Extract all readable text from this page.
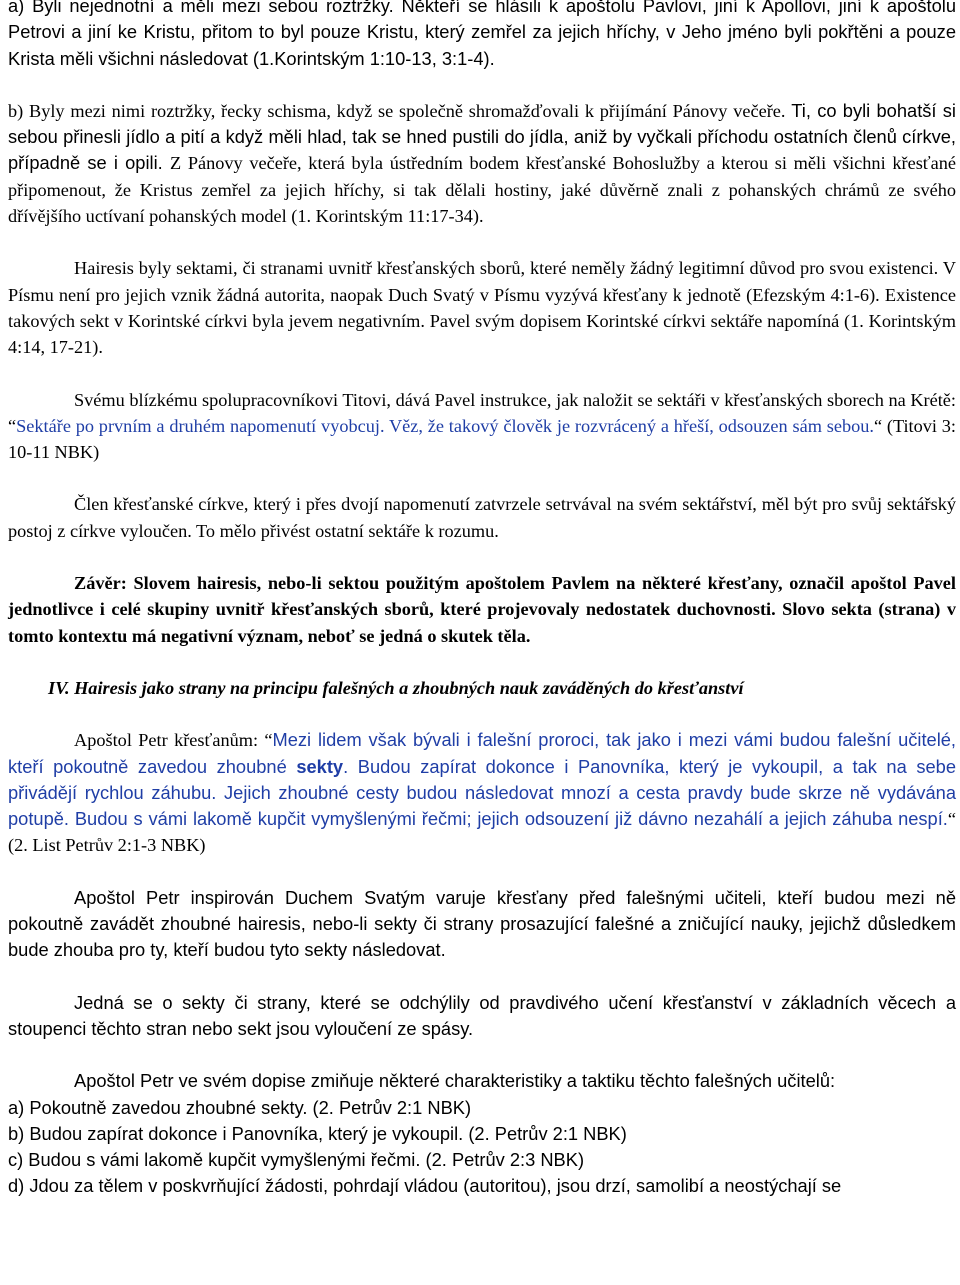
a) Byli nejednotní a měli mezi sebou roztržky. Někteří se hlásili k apoštolu Pavlovi, jiní k Apollovi, jiní k apoštolu Petrovi a jiní ke Kristu, přitom to byl pouze Kristu, který zemřel za jejich hříchy, v Jeho jméno byli pokřtěni a pouze Krista měli všichni následovat (1.Korintským 1:10-13, 3:1-4).

b) Byly mezi nimi roztržky, řecky schisma, když se společně shromažďovali k přijímání Pánovy večeře. Ti, co byli bohatší si sebou přinesli jídlo a pití a když měli hlad, tak se hned pustili do jídla, aniž by vyčkali příchodu ostatních členů církve, případně se i opili. Z Pánovy večeře, která byla ústředním bodem křesťanské Bohoslužby a kterou si měli všichni křesťané připomenout, že Kristus zemřel za jejich hříchy, si tak dělali hostiny, jaké důvěrně znali z pohanských chrámů ze svého dřívějšího uctívaní pohanských model (1. Korintským 11:17-34).

Hairesis byly sektami, či stranami uvnitř křesťanských sborů, které neměly žádný legitimní důvod pro svou existenci. V Písmu není pro jejich vznik žádná autorita, naopak Duch Svatý v Písmu vyzývá křesťany k jednotě (Efezským 4:1-6). Existence takových sekt v Korintské církvi byla jevem negativním. Pavel svým dopisem Korintské církvi sektáře napomíná (1. Korintským 4:14, 17-21).

Svému blízkému spolupracovníkovi Titovi, dává Pavel instrukce, jak naložit se sektáři v křesťanských sborech na Krétě: “Sektáře po prvním a druhém napomenutí vyobcuj. Věz, že takový člověk je rozvrácený a hřeší, odsouzen sám sebou.“ (Titovi 3: 10-11 NBK)

Člen křesťanské církve, který i přes dvojí napomenutí zatvrzele setrvával na svém sektářství, měl být pro svůj sektářský postoj z církve vyloučen. To mělo přivést ostatní sektáře k rozumu.

Závěr: Slovem hairesis, nebo-li sektou použitým apoštolem Pavlem na některé křesťany, označil apoštol Pavel jednotlivce i celé skupiny uvnitř křesťanských sborů, které projevovaly nedostatek duchovnosti. Slovo sekta (strana) v tomto kontextu má negativní význam, neboť se jedná o skutek těla.

IV. Hairesis jako strany na principu falešných a zhoubných nauk zaváděných do křesťanství

Apoštol Petr křesťanům: “Mezi lidem však bývali i falešní proroci, tak jako i mezi vámi budou falešní učitelé, kteří pokoutně zavedou zhoubné sekty. Budou zapírat dokonce i Panovníka, který je vykoupil, a tak na sebe přivádějí rychlou záhubu. Jejich zhoubné cesty budou následovat mnozí a cesta pravdy bude skrze ně vydávána potupě. Budou s vámi lakomě kupčit vymyšlenými řečmi; jejich odsouzení již dávno nezahálí a jejich záhuba nespí.“ (2. List Petrův 2:1-3 NBK)

Apoštol Petr inspirován Duchem Svatým varuje křesťany před falešnými učiteli, kteří budou mezi ně pokoutně zavádět zhoubné hairesis, nebo-li sekty či strany prosazující falešné a zničující nauky, jejichž důsledkem bude zhouba pro ty, kteří budou tyto sekty následovat.

Jedná se o sekty či strany, které se odchýlily od pravdivého učení křesťanství v základních věcech a stoupenci těchto stran nebo sekt jsou vyloučení ze spásy.

Apoštol Petr ve svém dopise zmiňuje některé charakteristiky a taktiku těchto falešných učitelů:
a) Pokoutně zavedou zhoubné sekty. (2. Petrův 2:1 NBK)
b) Budou zapírat dokonce i Panovníka, který je vykoupil. (2. Petrův 2:1 NBK)
c) Budou s vámi lakomě kupčit vymyšlenými řečmi. (2. Petrův 2:3 NBK)
d) Jdou za tělem v poskvrňující žádosti, pohrdají vládou (autoritou), jsou drzí, samolibí a neostýchají se
